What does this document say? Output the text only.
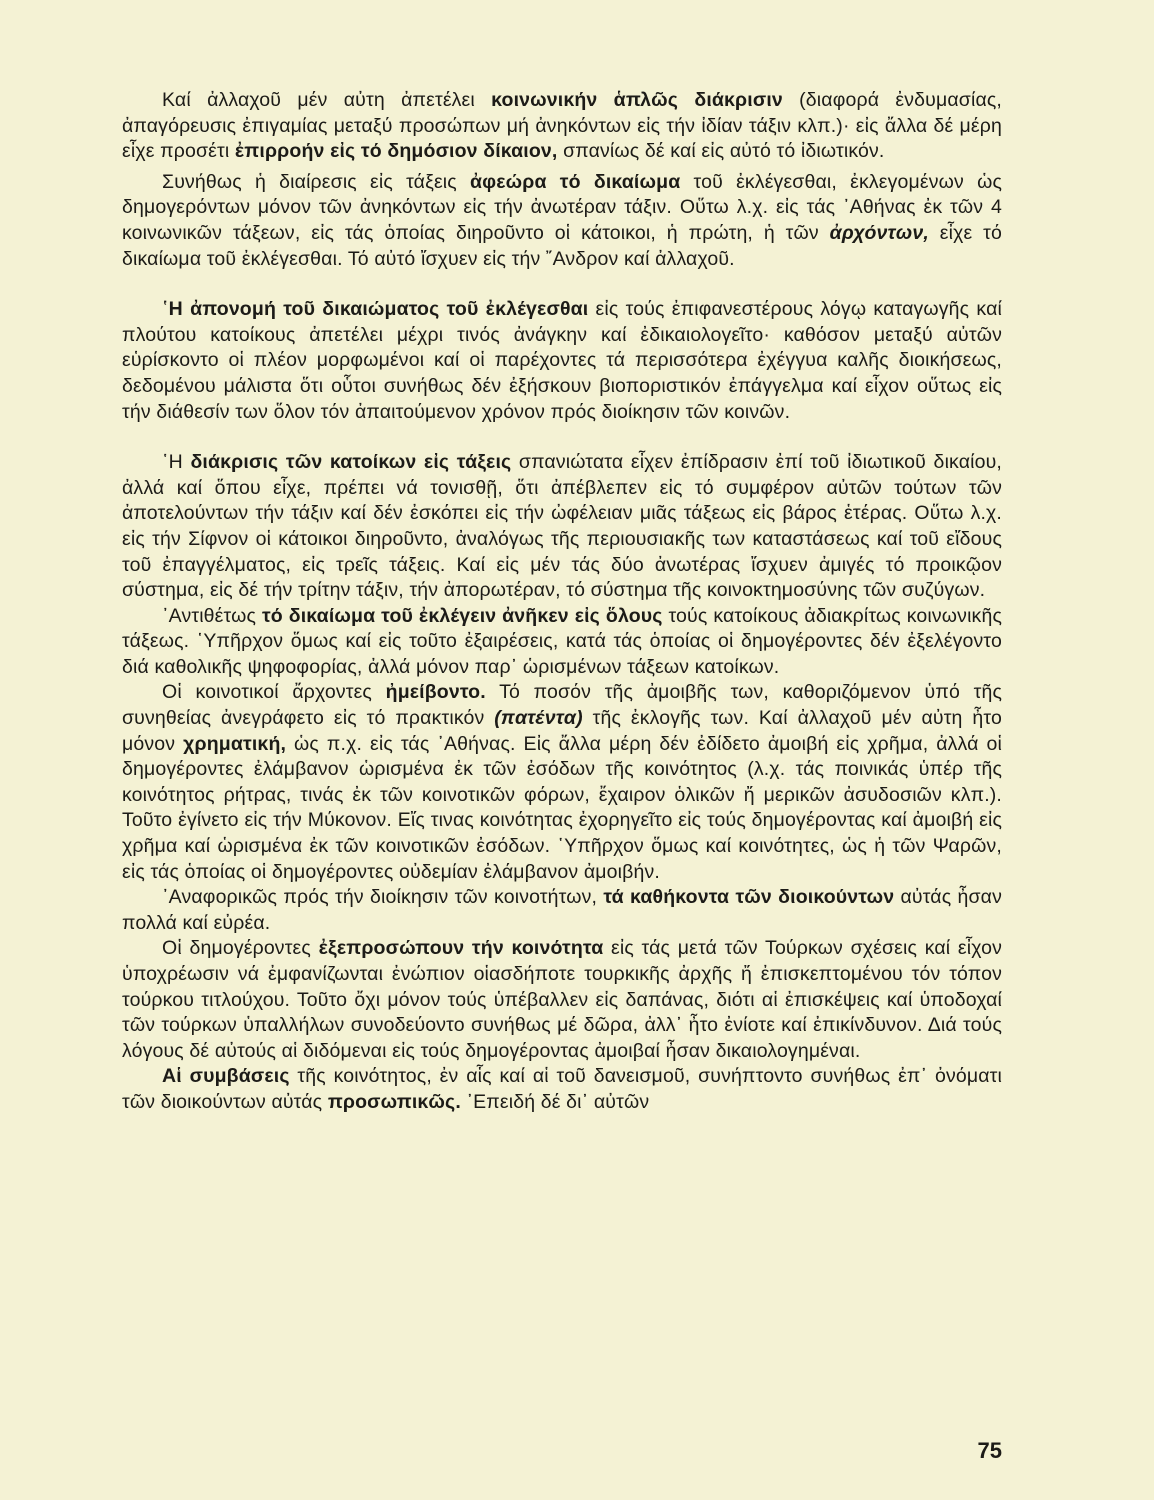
Καί ἀλλαχοῦ μέν αὐτη ἀπετέλει κοινωνικήν ἁπλῶς διάκρισιν (διαφορά ἐνδυμασίας, ἀπαγόρευσις ἐπιγαμίας μεταξύ προσώπων μή ἀνηκόντων εἰς τήν ἰδίαν τάξιν κλπ.)· εἰς ἄλλα δέ μέρη εἶχε προσέτι ἐπιρροήν εἰς τό δημόσιον δίκαιον, σπανίως δέ καί εἰς αὐτό τό ἰδιωτικόν.

Συνήθως ἡ διαίρεσις εἰς τάξεις ἀφεώρα τό δικαίωμα τοῦ ἐκλέγεσθαι, ἐκλεγομένων ὡς δημογερόντων μόνον τῶν ἀνηκόντων εἰς τήν ἀνωτέραν τάξιν. Οὕτω λ.χ. εἰς τάς ᾿Αθήνας ἐκ τῶν 4 κοινωνικῶν τάξεων, εἰς τάς ὁποίας διηροῦντο οἱ κάτοικοι, ἡ πρώτη, ἡ τῶν ἀρχόντων, εἶχε τό δικαίωμα τοῦ ἐκλέγεσθαι. Τό αὐτό ἴσχυεν εἰς τήν ῎Ανδρον καί ἀλλαχοῦ.

῾Η ἀπονομή τοῦ δικαιώματος τοῦ ἐκλέγεσθαι εἰς τούς ἐπιφανεστέρους λόγῳ καταγωγῆς καί πλούτου κατοίκους ἀπετέλει μέχρι τινός ἀνάγκην καί ἐδικαιολογεῖτο· καθόσον μεταξύ αὐτῶν εὑρίσκοντο οἱ πλέον μορφωμένοι καί οἱ παρέχοντες τά περισσότερα ἐχέγγυα καλῆς διοικήσεως, δεδομένου μάλιστα ὅτι οὗτοι συνήθως δέν ἐξήσκουν βιοποριστικόν ἐπάγγελμα καί εἶχον οὕτως εἰς τήν διάθεσίν των ὅλον τόν ἀπαιτούμενον χρόνον πρός διοίκησιν τῶν κοινῶν.

῾Η διάκρισις τῶν κατοίκων εἰς τάξεις σπανιώτατα εἶχεν ἐπίδρασιν ἐπί τοῦ ἰδιωτικοῦ δικαίου, ἀλλά καί ὅπου εἶχε, πρέπει νά τονισθῇ, ὅτι ἀπέβλεπεν εἰς τό συμφέρον αὐτῶν τούτων τῶν ἀποτελούντων τήν τάξιν καί δέν ἐσκόπει εἰς τήν ὠφέλειαν μιᾶς τάξεως εἰς βάρος ἑτέρας. Οὕτω λ.χ. εἰς τήν Σίφνον οἱ κάτοικοι διηροῦντο, ἀναλόγως τῆς περιουσιακῆς των καταστάσεως καί τοῦ εἴδους τοῦ ἐπαγγέλματος, εἰς τρεῖς τάξεις. Καί εἰς μέν τάς δύο ἀνωτέρας ἴσχυεν ἀμιγές τό προικῷον σύστημα, εἰς δέ τήν τρίτην τάξιν, τήν ἀπορωτέραν, τό σύστημα τῆς κοινοκτημοσύνης τῶν συζύγων.

᾿Αντιθέτως τό δικαίωμα τοῦ ἐκλέγειν ἀνῆκεν εἰς ὅλους τούς κατοίκους ἀδιακρίτως κοινωνικῆς τάξεως. ῾Υπῆρχον ὅμως καί εἰς τοῦτο ἐξαιρέσεις, κατά τάς ὁποίας οἱ δημογέροντες δέν ἐξελέγοντο διά καθολικῆς ψηφοφορίας, ἀλλά μόνον παρ᾿ ὡρισμένων τάξεων κατοίκων.

Οἱ κοινοτικοί ἄρχοντες ἠμείβοντο. Τό ποσόν τῆς ἀμοιβῆς των, καθοριζόμενον ὑπό τῆς συνηθείας ἀνεγράφετο εἰς τό πρακτικόν (πατέντα) τῆς ἐκλογῆς των. Καί ἀλλαχοῦ μέν αὐτη ἦτο μόνον χρηματική, ὡς π.χ. εἰς τάς ᾿Αθήνας. Εἰς ἄλλα μέρη δέν ἐδίδετο ἀμοιβή εἰς χρῆμα, ἀλλά οἱ δημογέροντες ἐλάμβανον ὡρισμένα ἐκ τῶν ἐσόδων τῆς κοινότητος (λ.χ. τάς ποινικάς ὑπέρ τῆς κοινότητος ρήτρας, τινάς ἐκ τῶν κοινοτικῶν φόρων, ἔχαιρον ὁλικῶν ἤ μερικῶν ἀσυδοσιῶν κλπ.). Τοῦτο ἐγίνετο εἰς τήν Μύκονον. Εἴς τινας κοινότητας ἐχορηγεῖτο εἰς τούς δημογέροντας καί ἀμοιβή εἰς χρῆμα καί ὡρισμένα ἐκ τῶν κοινοτικῶν ἐσόδων. ῾Υπῆρχον ὅμως καί κοινότητες, ὡς ἡ τῶν Ψαρῶν, εἰς τάς ὁποίας οἱ δημογέροντες οὐδεμίαν ἐλάμβανον ἀμοιβήν.

᾿Αναφορικῶς πρός τήν διοίκησιν τῶν κοινοτήτων, τά καθήκοντα τῶν διοικούντων αὐτάς ἦσαν πολλά καί εὐρέα.

Οἱ δημογέροντες ἐξεπροσώπουν τήν κοινότητα εἰς τάς μετά τῶν Τούρκων σχέσεις καί εἶχον ὑποχρέωσιν νά ἐμφανίζωνται ἐνώπιον οἱασδήποτε τουρκικῆς ἀρχῆς ἤ ἐπισκεπτομένου τόν τόπον τούρκου τιτλούχου. Τοῦτο ὄχι μόνον τούς ὑπέβαλλεν εἰς δαπάνας, διότι αἱ ἐπισκέψεις καί ὑποδοχαί τῶν τούρκων ὑπαλλήλων συνοδεύοντο συνήθως μέ δῶρα, ἀλλ᾿ ἦτο ἐνίοτε καί ἐπικίνδυνον. Διά τούς λόγους δέ αὐτούς αἱ διδόμεναι εἰς τούς δημογέροντας ἀμοιβαί ἦσαν δικαιολογημέναι.

Αἱ συμβάσεις τῆς κοινότητος, ἐν αἷς καί αἱ τοῦ δανεισμοῦ, συνήπτοντο συνήθως ἐπ᾿ ὀνόματι τῶν διοικούντων αὐτάς προσωπικῶς. ᾿Επειδή δέ δι᾿ αὐτῶν

75
